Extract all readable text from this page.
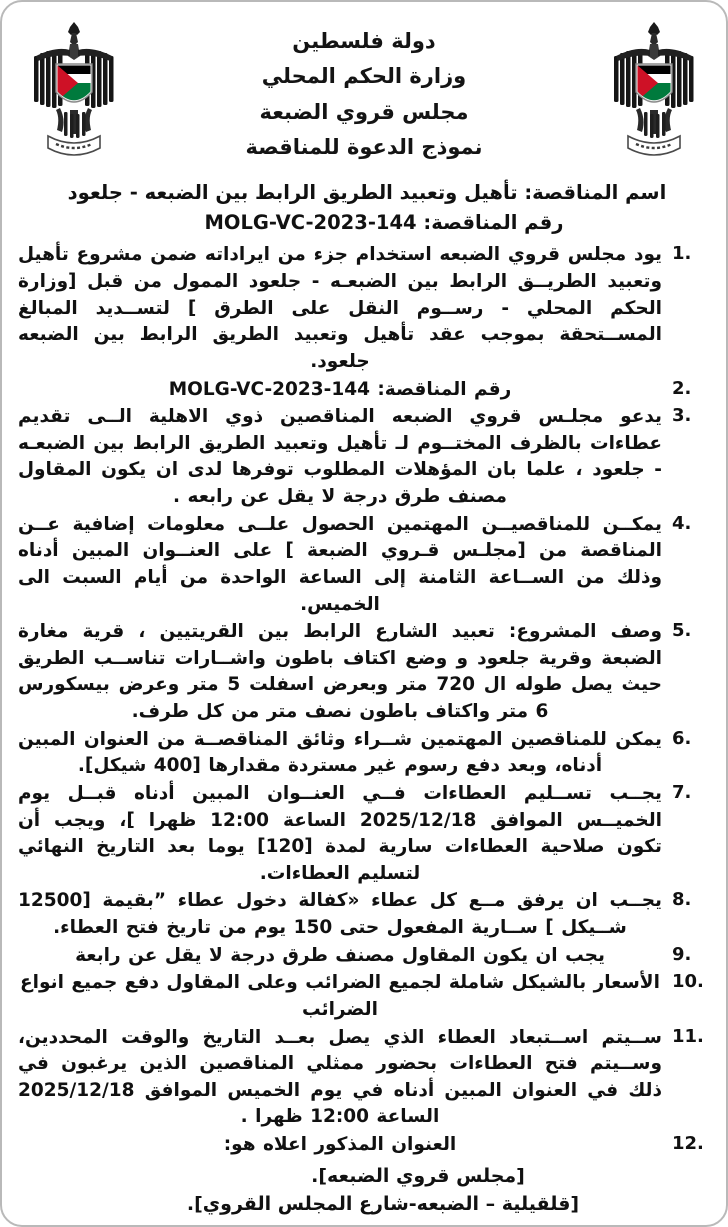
دولة فلسطين
وزارة الحكم المحلي
مجلس قروي الضبعة
نموذج الدعوة للمناقصة
اسم المناقصة: تأهيل وتعبيد الطريق الرابط بين الضبعه - جلعود
رقم المناقصة: MOLG-VC-2023-144
1.
يود مجلس قروي الضبعه استخدام جزء من ايراداته ضمن مشروع تأهيل وتعبيد الطريــق الرابط بين الضبعـه - جلعود الممول من قبل [وزارة الحكم المحلي - رســوم النقل على الطرق ] لتســديد المبالغ المســتحقة بموجب عقد تأهيل وتعبيد الطريق الرابط بين الضبعه جلعود.
2.
رقم المناقصة: MOLG-VC-2023-144
3.
يدعو مجلـس قروي الضبعه المناقصين ذوي الاهلية الــى تقديم عطاءات بالظرف المختــوم لـ تأهيل وتعبيد الطريق الرابط بين الضبعـه - جلعود ، علما بان المؤهلات المطلوب توفرها لدى ان يكون المقاول مصنف طرق درجة لا يقل عن رابعه .
4.
يمكــن للمناقصيــن المهتمين الحصول علــى معلومات إضافية عــن المناقصة من [مجلـس قـروي الضبعة ] على العنــوان المبين أدناه وذلك من الســاعة الثامنة إلى الساعة الواحدة من أيام السبت الى الخميس.
5.
وصف المشروع: تعبيد الشارع الرابط بين القريتيين ، قرية مغارة الضبعة وقرية جلعود و وضع اكتاف باطون واشــارات تناســب الطريق حيث يصل طوله ال 720 متر وبعرض اسفلت 5 متر وعرض بيسكورس 6 متر واكتاف باطون نصف متر من كل طرف.
6.
يمكن للمناقصين المهتمين شــراء وثائق المناقصــة من العنوان المبين أدناه، وبعد دفع رسوم غير مستردة مقدارها [400 شيكل].
7.
يجــب تســليم العطاءات فــي العنــوان المبين أدناه قبــل يوم الخميــس الموافق 2025/12/18 الساعة 12:00 ظهرا ]، ويجب أن تكون صلاحية العطاءات سارية لمدة [120] يوما بعد التاريخ النهائي لتسليم العطاءات.
8.
يجــب ان يرفق مــع كل عطاء «كفالة دخول عطاء ”بقيمة [12500 شــيكل ] ســارية المفعول حتى 150 يوم من تاريخ فتح العطاء.
9.
يجب ان يكون المقاول مصنف طرق درجة لا يقل عن رابعة
10.
الأسعار بالشيكل شاملة لجميع الضرائب وعلى المقاول دفع جميع انواع الضرائب
11.
ســيتم اســتبعاد العطاء الذي يصل بعــد التاريخ والوقت المحددين، وســيتم فتح العطاءات بحضور ممثلي المناقصين الذين يرغبون في ذلك في العنوان المبين أدناه في يوم الخميس الموافق 2025/12/18 الساعة 12:00 ظهرا .
12.
العنوان المذكور اعلاه هو:
[مجلس قروي الضبعه].
[قلقيلية – الضبعه-شارع المجلس القروي].
